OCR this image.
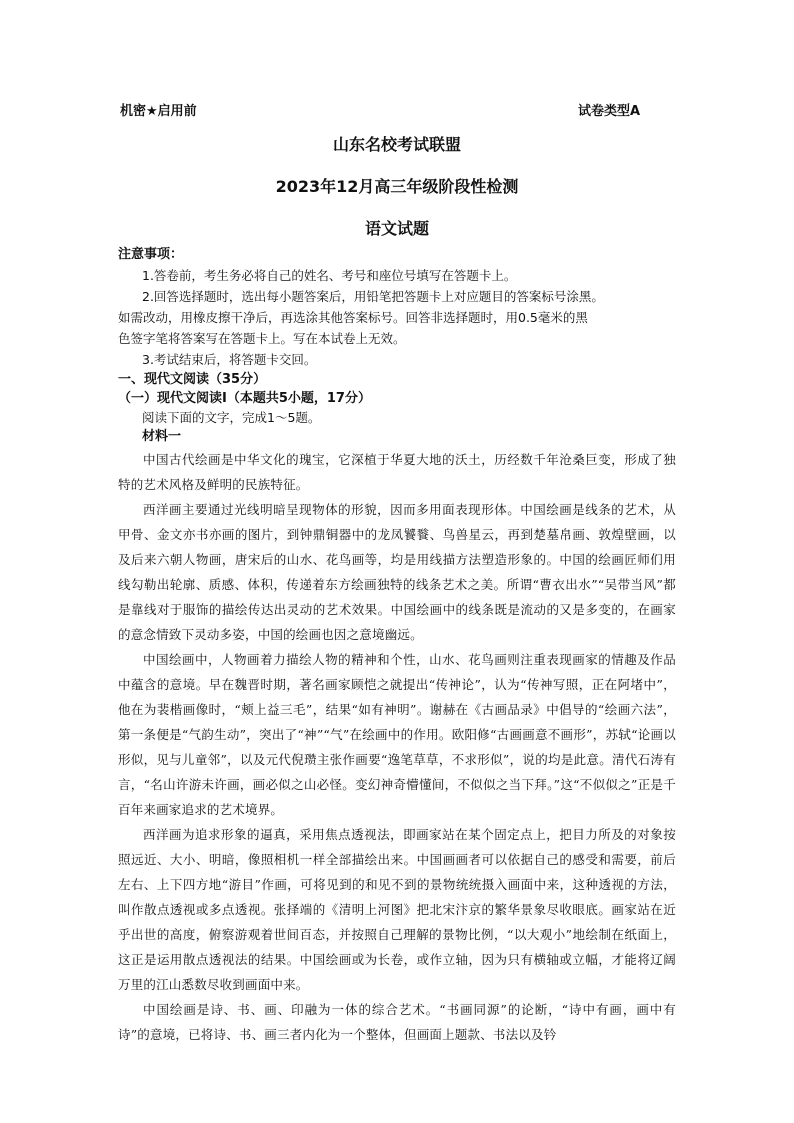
机密★启用前	试卷类型A
山东名校考试联盟
2023年12月高三年级阶段性检测
语文试题
注意事项：
1.答卷前，考生务必将自己的姓名、考号和座位号填写在答题卡上。
2.回答选择题时，选出每小题答案后，用铅笔把答题卡上对应题目的答案标号涂黑。
如需改动，用橡皮擦干净后，再选涂其他答案标号。回答非选择题时，用0.5毫米的黑
色签字笔将答案写在答题卡上。写在本试卷上无效。
3.考试结束后，将答题卡交回。
一、现代文阅读（35分）
（一）现代文阅读Ⅰ（本题共5小题，17分）
阅读下面的文字，完成1～5题。
材料一

中国古代绘画是中华文化的瑰宝，它深植于华夏大地的沃土，历经数千年沧桑巨变，形成了独特的艺术风格及鲜明的民族特征。

西洋画主要通过光线明暗呈现物体的形貌，因而多用面表现形体。中国绘画是线条的艺术，从甲骨、金文亦书亦画的图片，到钟鼎铜器中的龙凤饕餮、鸟兽星云，再到楚墓帛画、敦煌壁画，以及后来六朝人物画，唐宋后的山水、花鸟画等，均是用线描方法塑造形象的。中国的绘画匠师们用线勾勒出轮廓、质感、体积，传递着东方绘画独特的线条艺术之美。所谓“曹衣出水”“吴带当风”都是靠线对于服饰的描绘传达出灵动的艺术效果。中国绘画中的线条既是流动的又是多变的，在画家的意念情致下灵动多姿，中国的绘画也因之意境幽远。

中国绘画中，人物画着力描绘人物的精神和个性，山水、花鸟画则注重表现画家的情趣及作品中蕴含的意境。早在魏晋时期，著名画家顾恺之就提出“传神论”，认为“传神写照，正在阿堵中”，他在为裴楷画像时，“颊上益三毛”，结果“如有神明”。谢赫在《古画品录》中倡导的“绘画六法”，第一条便是“气韵生动”，突出了“神”“气”在绘画中的作用。欧阳修“古画画意不画形”，苏轼“论画以形似，见与儿童邻”，以及元代倪瓒主张作画要“逸笔草草，不求形似”，说的均是此意。清代石涛有言，“名山许游未许画，画必似之山必怪。变幻神奇懵懂间，不似似之当下拜。”这“不似似之”正是千百年来画家追求的艺术境界。

西洋画为追求形象的逼真，采用焦点透视法，即画家站在某个固定点上，把目力所及的对象按照远近、大小、明暗，像照相机一样全部描绘出来。中国画画者可以依据自己的感受和需要，前后左右、上下四方地“游目”作画，可将见到的和见不到的景物统统摄入画面中来，这种透视的方法，叫作散点透视或多点透视。张择端的《清明上河图》把北宋汴京的繁华景象尽收眼底。画家站在近乎出世的高度，俯察游观着世间百态，并按照自己理解的景物比例，“以大观小”地绘制在纸面上，这正是运用散点透视法的结果。中国绘画或为长卷，或作立轴，因为只有横轴或立幅，才能将辽阔万里的江山悉数尽收到画面中来。

中国绘画是诗、书、画、印融为一体的综合艺术。“书画同源”的论断，“诗中有画，画中有诗”的意境，已将诗、书、画三者内化为一个整体，但画面上题款、书法以及钤
